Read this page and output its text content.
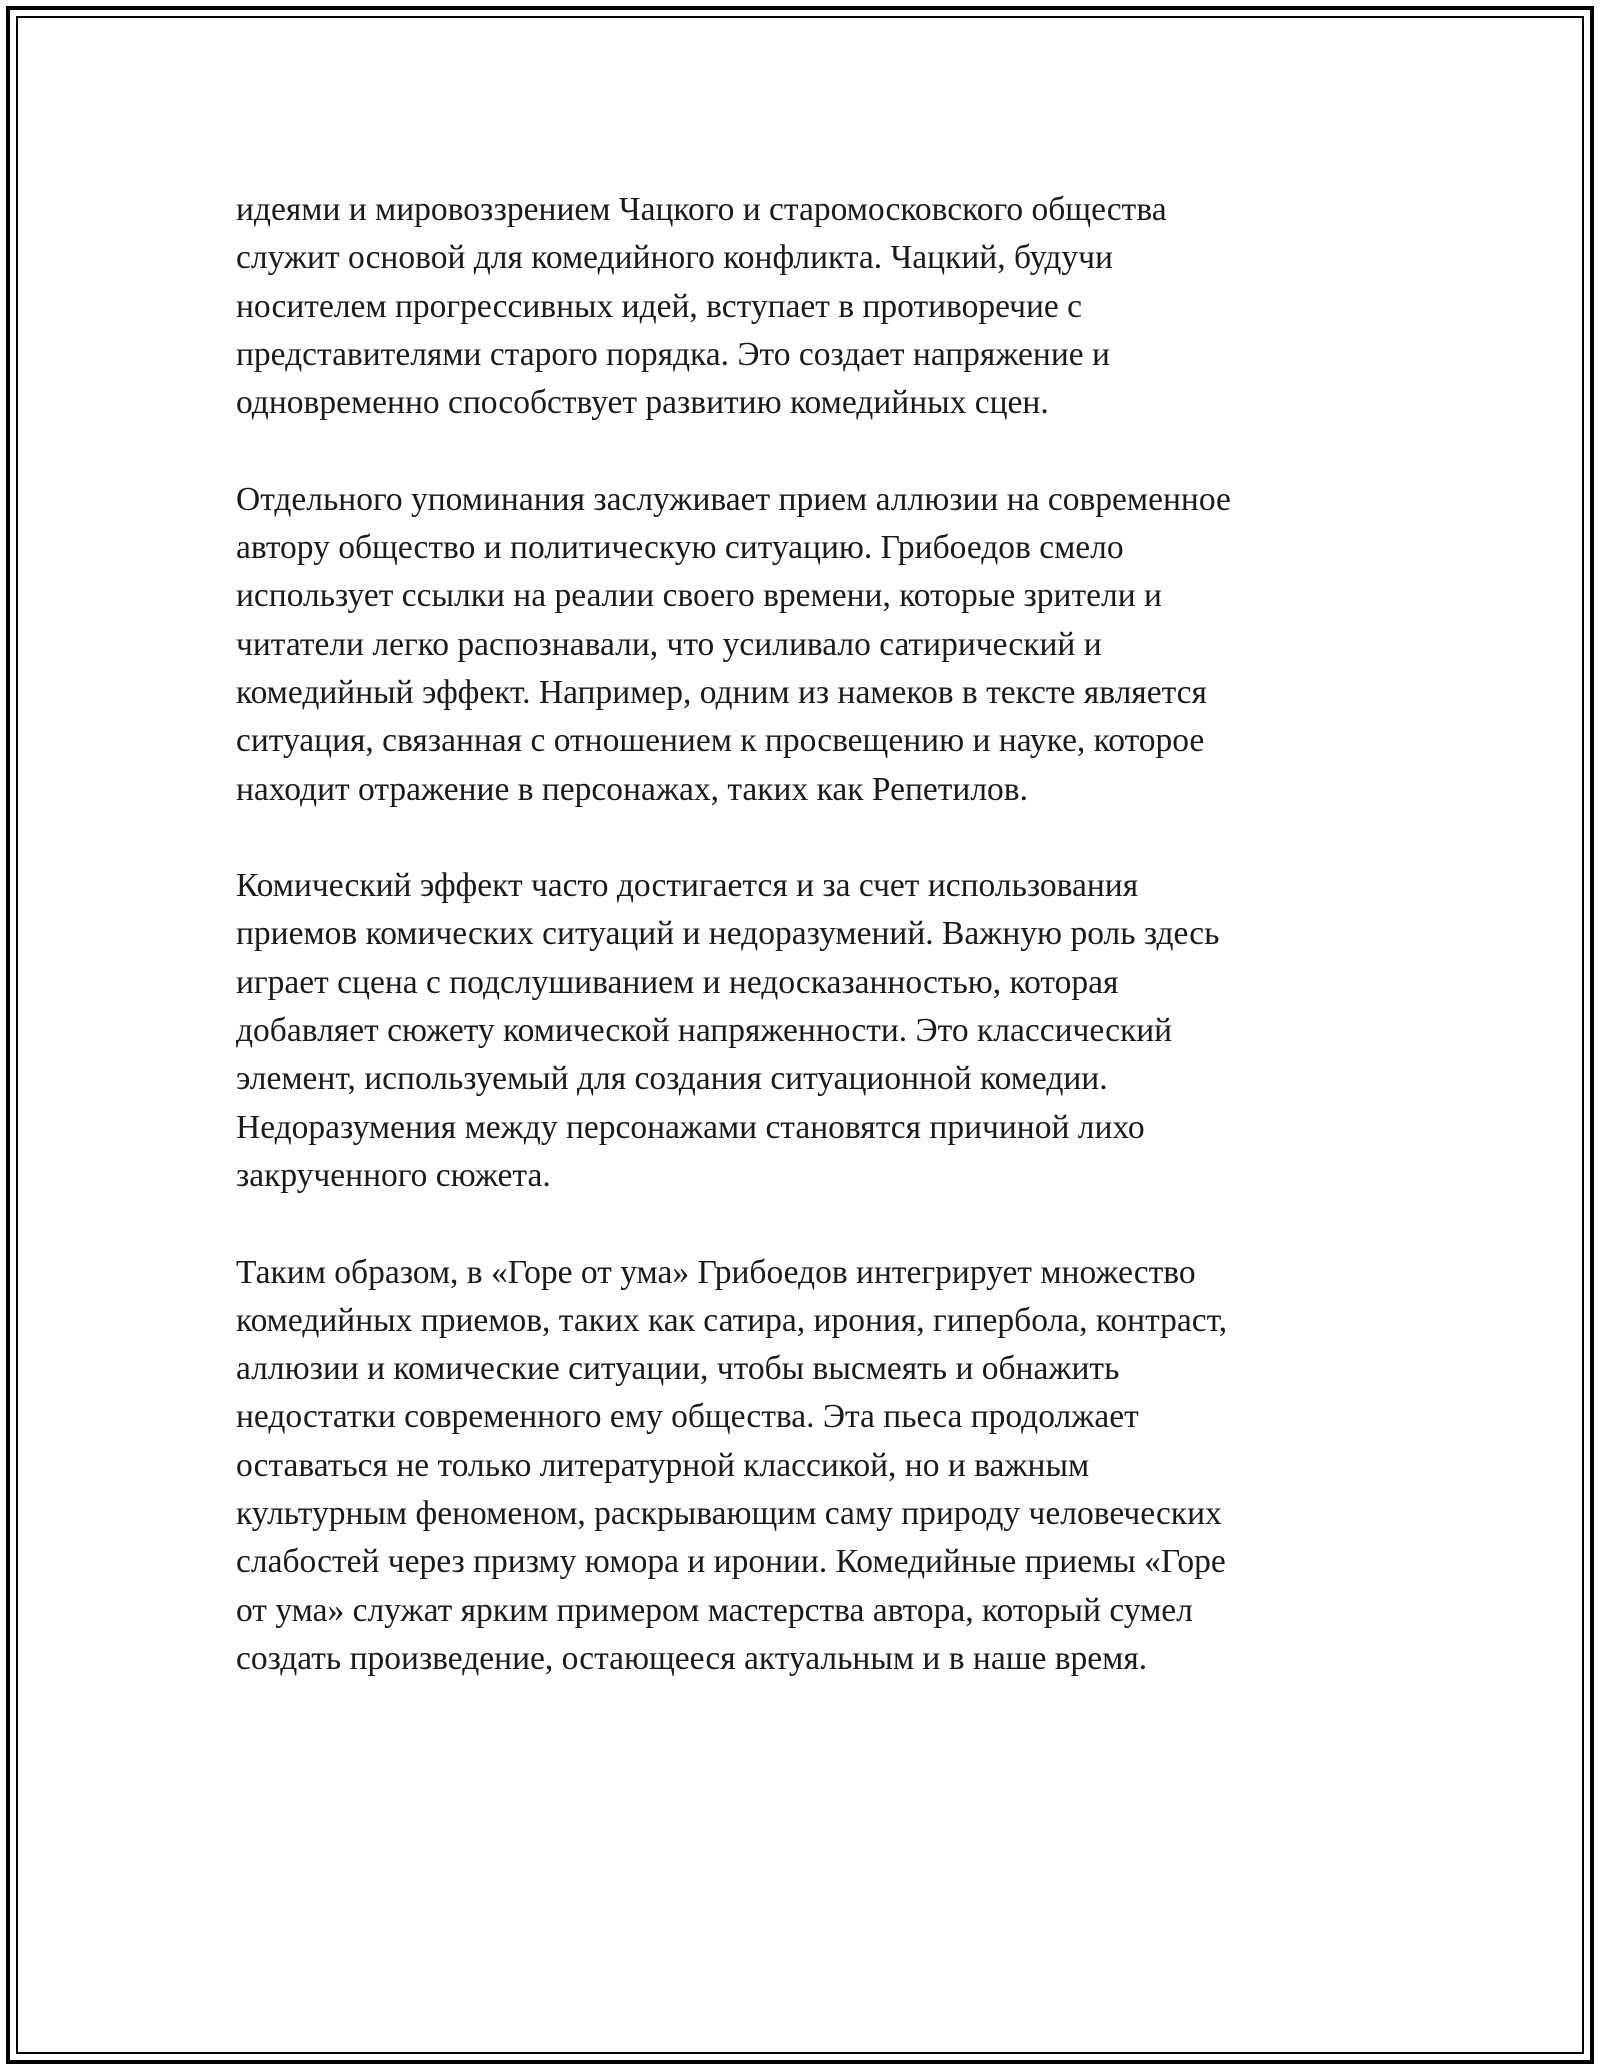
идеями и мировоззрением Чацкого и старомосковского общества
служит основой для комедийного конфликта. Чацкий, будучи
носителем прогрессивных идей, вступает в противоречие с
представителями старого порядка. Это создает напряжение и
одновременно способствует развитию комедийных сцен.
Отдельного упоминания заслуживает прием аллюзии на современное
автору общество и политическую ситуацию. Грибоедов смело
использует ссылки на реалии своего времени, которые зрители и
читатели легко распознавали, что усиливало сатирический и
комедийный эффект. Например, одним из намеков в тексте является
ситуация, связанная с отношением к просвещению и науке, которое
находит отражение в персонажах, таких как Репетилов.
Комический эффект часто достигается и за счет использования
приемов комических ситуаций и недоразумений. Важную роль здесь
играет сцена с подслушиванием и недосказанностью, которая
добавляет сюжету комической напряженности. Это классический
элемент, используемый для создания ситуационной комедии.
Недоразумения между персонажами становятся причиной лихо
закрученного сюжета.
Таким образом, в «Горе от ума» Грибоедов интегрирует множество
комедийных приемов, таких как сатира, ирония, гипербола, контраст,
аллюзии и комические ситуации, чтобы высмеять и обнажить
недостатки современного ему общества. Эта пьеса продолжает
оставаться не только литературной классикой, но и важным
культурным феноменом, раскрывающим саму природу человеческих
слабостей через призму юмора и иронии. Комедийные приемы «Горе
от ума» служат ярким примером мастерства автора, который сумел
создать произведение, остающееся актуальным и в наше время.
